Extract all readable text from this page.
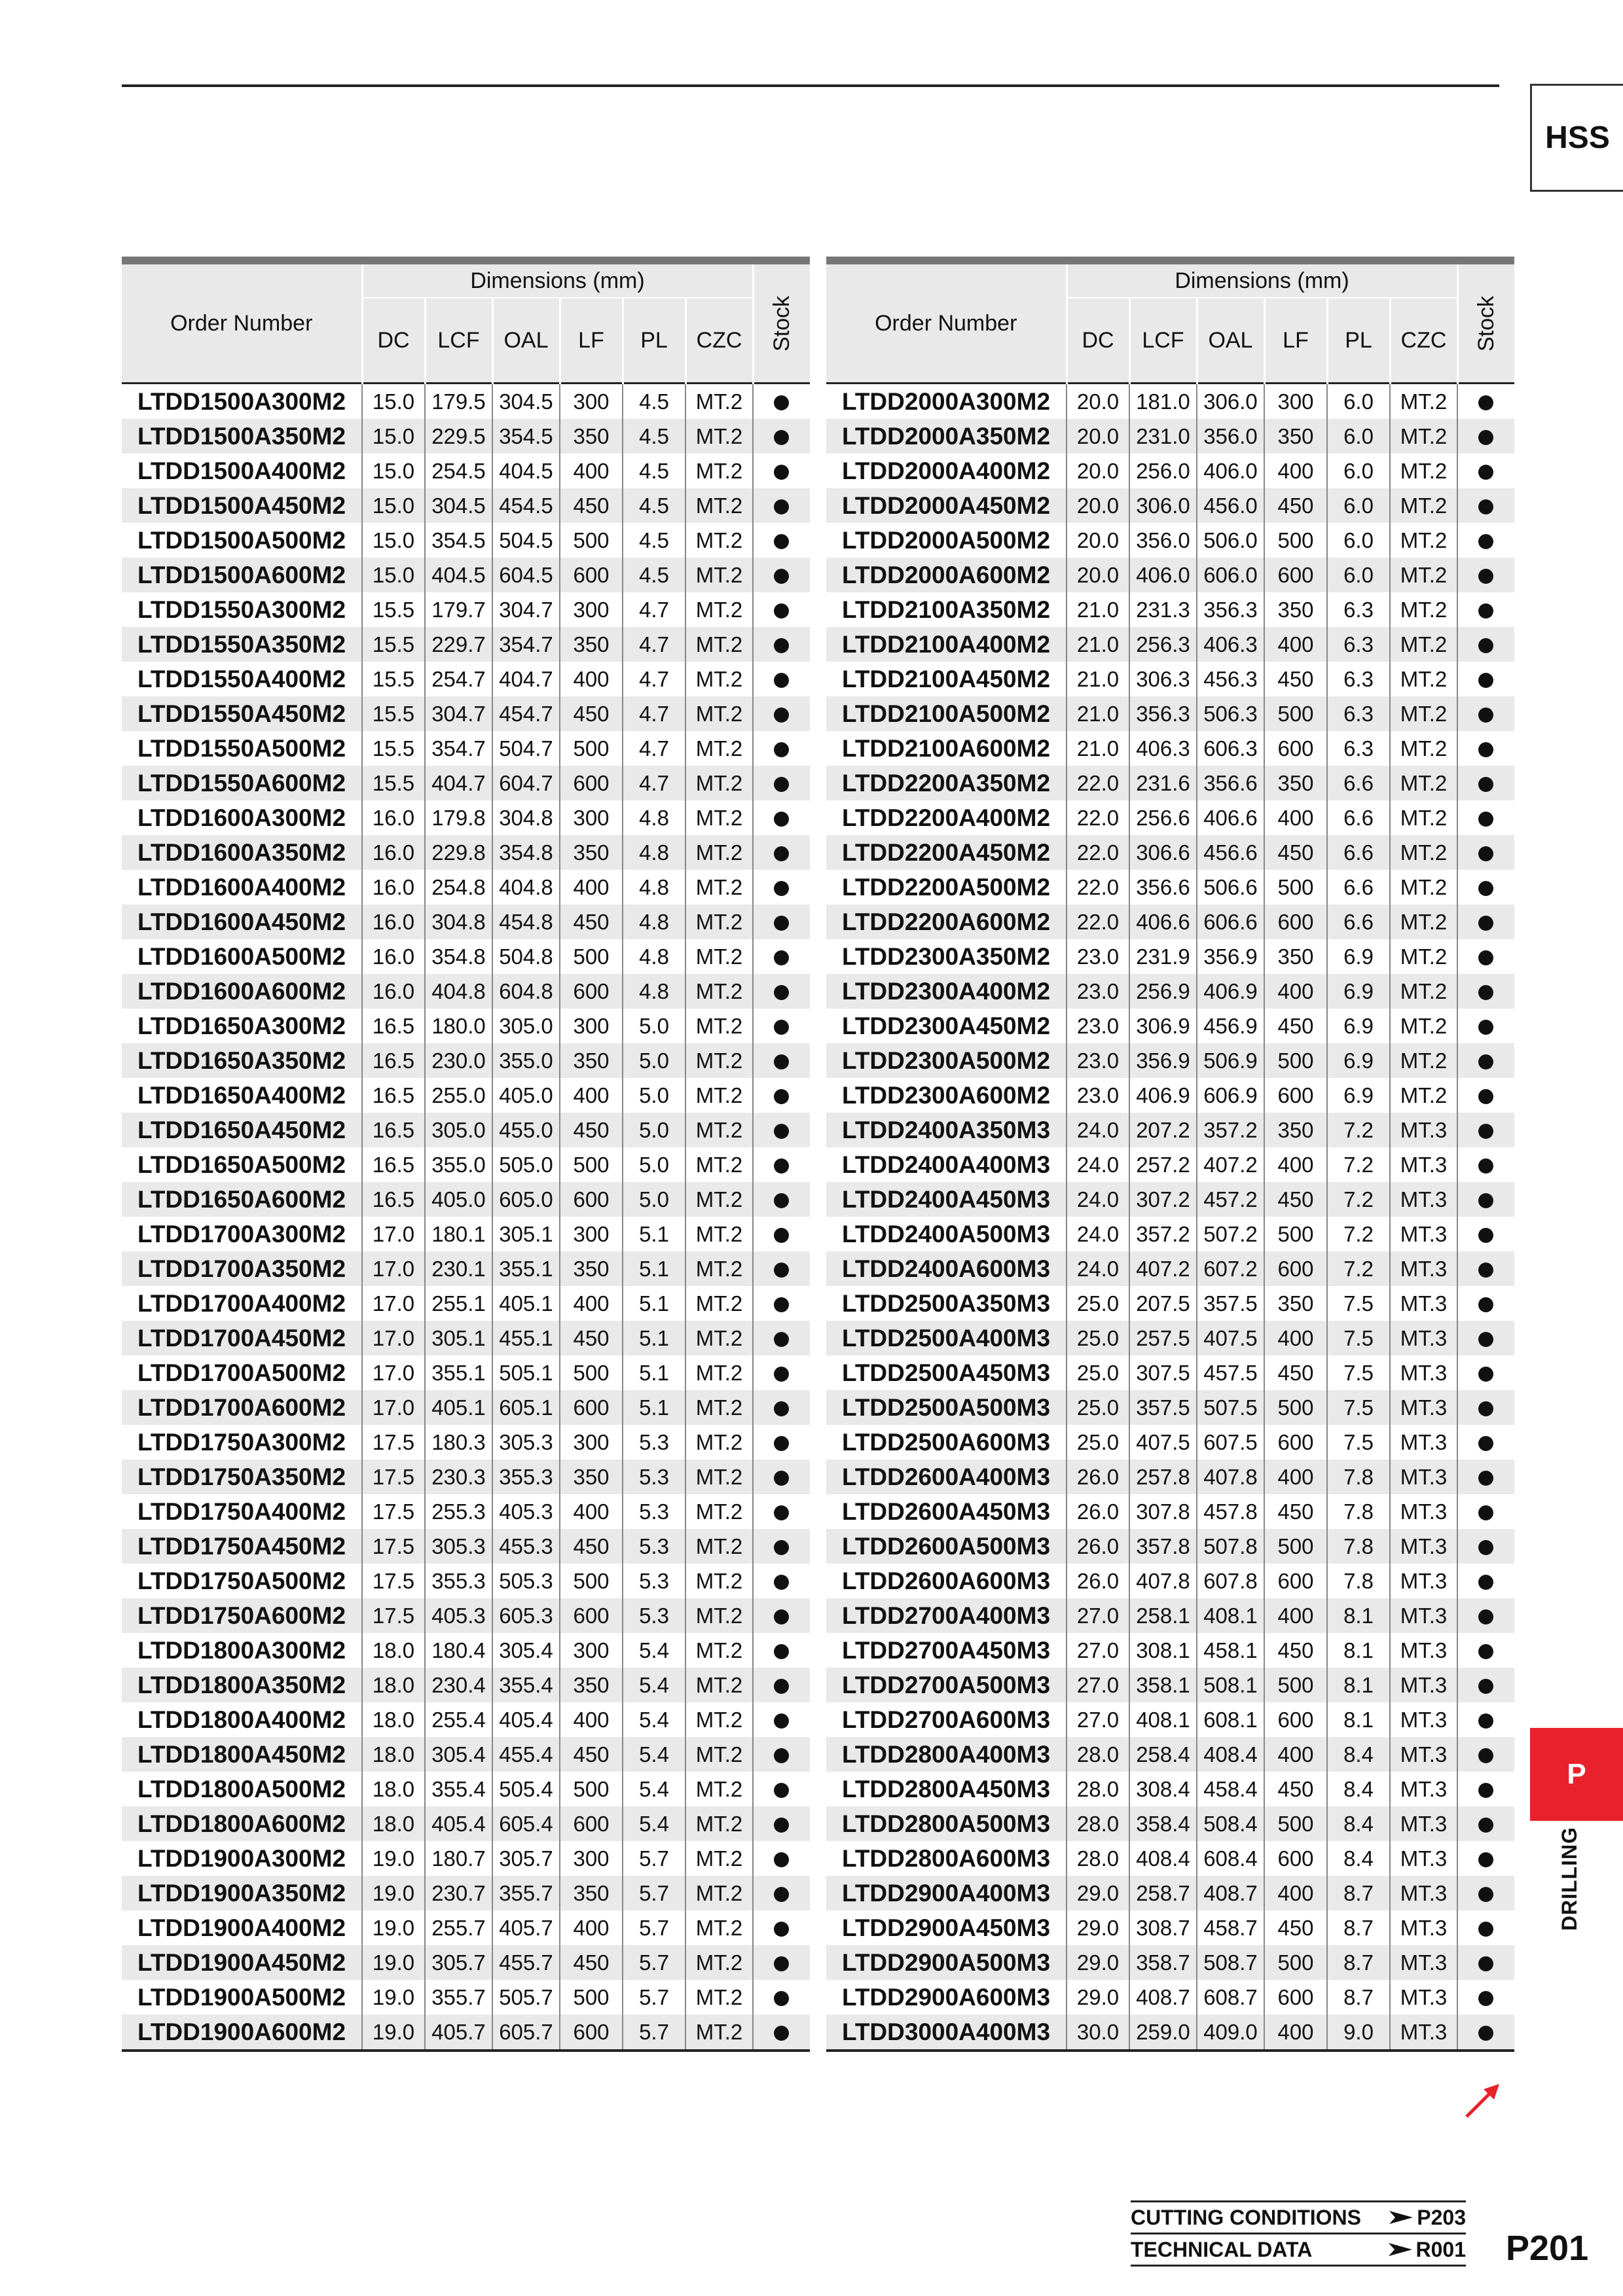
HSS
Order Number	Dimensions (mm)						Stock
	DC	LCF	OAL	LF	PL	CZC	
LTDD1500A300M2	15.0	179.5	304.5	300	4.5	MT.2	
LTDD1500A350M2	15.0	229.5	354.5	350	4.5	MT.2	
LTDD1500A400M2	15.0	254.5	404.5	400	4.5	MT.2	
LTDD1500A450M2	15.0	304.5	454.5	450	4.5	MT.2	
LTDD1500A500M2	15.0	354.5	504.5	500	4.5	MT.2	
LTDD1500A600M2	15.0	404.5	604.5	600	4.5	MT.2	
LTDD1550A300M2	15.5	179.7	304.7	300	4.7	MT.2	
LTDD1550A350M2	15.5	229.7	354.7	350	4.7	MT.2	
LTDD1550A400M2	15.5	254.7	404.7	400	4.7	MT.2	
LTDD1550A450M2	15.5	304.7	454.7	450	4.7	MT.2	
LTDD1550A500M2	15.5	354.7	504.7	500	4.7	MT.2	
LTDD1550A600M2	15.5	404.7	604.7	600	4.7	MT.2	
LTDD1600A300M2	16.0	179.8	304.8	300	4.8	MT.2	
LTDD1600A350M2	16.0	229.8	354.8	350	4.8	MT.2	
LTDD1600A400M2	16.0	254.8	404.8	400	4.8	MT.2	
LTDD1600A450M2	16.0	304.8	454.8	450	4.8	MT.2	
LTDD1600A500M2	16.0	354.8	504.8	500	4.8	MT.2	
LTDD1600A600M2	16.0	404.8	604.8	600	4.8	MT.2	
LTDD1650A300M2	16.5	180.0	305.0	300	5.0	MT.2	
LTDD1650A350M2	16.5	230.0	355.0	350	5.0	MT.2	
LTDD1650A400M2	16.5	255.0	405.0	400	5.0	MT.2	
LTDD1650A450M2	16.5	305.0	455.0	450	5.0	MT.2	
LTDD1650A500M2	16.5	355.0	505.0	500	5.0	MT.2	
LTDD1650A600M2	16.5	405.0	605.0	600	5.0	MT.2	
LTDD1700A300M2	17.0	180.1	305.1	300	5.1	MT.2	
LTDD1700A350M2	17.0	230.1	355.1	350	5.1	MT.2	
LTDD1700A400M2	17.0	255.1	405.1	400	5.1	MT.2	
LTDD1700A450M2	17.0	305.1	455.1	450	5.1	MT.2	
LTDD1700A500M2	17.0	355.1	505.1	500	5.1	MT.2	
LTDD1700A600M2	17.0	405.1	605.1	600	5.1	MT.2	
LTDD1750A300M2	17.5	180.3	305.3	300	5.3	MT.2	
LTDD1750A350M2	17.5	230.3	355.3	350	5.3	MT.2	
LTDD1750A400M2	17.5	255.3	405.3	400	5.3	MT.2	
LTDD1750A450M2	17.5	305.3	455.3	450	5.3	MT.2	
LTDD1750A500M2	17.5	355.3	505.3	500	5.3	MT.2	
LTDD1750A600M2	17.5	405.3	605.3	600	5.3	MT.2	
LTDD1800A300M2	18.0	180.4	305.4	300	5.4	MT.2	
LTDD1800A350M2	18.0	230.4	355.4	350	5.4	MT.2	
LTDD1800A400M2	18.0	255.4	405.4	400	5.4	MT.2	
LTDD1800A450M2	18.0	305.4	455.4	450	5.4	MT.2	
LTDD1800A500M2	18.0	355.4	505.4	500	5.4	MT.2	
LTDD1800A600M2	18.0	405.4	605.4	600	5.4	MT.2	
LTDD1900A300M2	19.0	180.7	305.7	300	5.7	MT.2	
LTDD1900A350M2	19.0	230.7	355.7	350	5.7	MT.2	
LTDD1900A400M2	19.0	255.7	405.7	400	5.7	MT.2	
LTDD1900A450M2	19.0	305.7	455.7	450	5.7	MT.2	
LTDD1900A500M2	19.0	355.7	505.7	500	5.7	MT.2	
LTDD1900A600M2	19.0	405.7	605.7	600	5.7	MT.2	
Order Number	Dimensions (mm)						Stock
	DC	LCF	OAL	LF	PL	CZC	
LTDD2000A300M2	20.0	181.0	306.0	300	6.0	MT.2	
LTDD2000A350M2	20.0	231.0	356.0	350	6.0	MT.2	
LTDD2000A400M2	20.0	256.0	406.0	400	6.0	MT.2	
LTDD2000A450M2	20.0	306.0	456.0	450	6.0	MT.2	
LTDD2000A500M2	20.0	356.0	506.0	500	6.0	MT.2	
LTDD2000A600M2	20.0	406.0	606.0	600	6.0	MT.2	
LTDD2100A350M2	21.0	231.3	356.3	350	6.3	MT.2	
LTDD2100A400M2	21.0	256.3	406.3	400	6.3	MT.2	
LTDD2100A450M2	21.0	306.3	456.3	450	6.3	MT.2	
LTDD2100A500M2	21.0	356.3	506.3	500	6.3	MT.2	
LTDD2100A600M2	21.0	406.3	606.3	600	6.3	MT.2	
LTDD2200A350M2	22.0	231.6	356.6	350	6.6	MT.2	
LTDD2200A400M2	22.0	256.6	406.6	400	6.6	MT.2	
LTDD2200A450M2	22.0	306.6	456.6	450	6.6	MT.2	
LTDD2200A500M2	22.0	356.6	506.6	500	6.6	MT.2	
LTDD2200A600M2	22.0	406.6	606.6	600	6.6	MT.2	
LTDD2300A350M2	23.0	231.9	356.9	350	6.9	MT.2	
LTDD2300A400M2	23.0	256.9	406.9	400	6.9	MT.2	
LTDD2300A450M2	23.0	306.9	456.9	450	6.9	MT.2	
LTDD2300A500M2	23.0	356.9	506.9	500	6.9	MT.2	
LTDD2300A600M2	23.0	406.9	606.9	600	6.9	MT.2	
LTDD2400A350M3	24.0	207.2	357.2	350	7.2	MT.3	
LTDD2400A400M3	24.0	257.2	407.2	400	7.2	MT.3	
LTDD2400A450M3	24.0	307.2	457.2	450	7.2	MT.3	
LTDD2400A500M3	24.0	357.2	507.2	500	7.2	MT.3	
LTDD2400A600M3	24.0	407.2	607.2	600	7.2	MT.3	
LTDD2500A350M3	25.0	207.5	357.5	350	7.5	MT.3	
LTDD2500A400M3	25.0	257.5	407.5	400	7.5	MT.3	
LTDD2500A450M3	25.0	307.5	457.5	450	7.5	MT.3	
LTDD2500A500M3	25.0	357.5	507.5	500	7.5	MT.3	
LTDD2500A600M3	25.0	407.5	607.5	600	7.5	MT.3	
LTDD2600A400M3	26.0	257.8	407.8	400	7.8	MT.3	
LTDD2600A450M3	26.0	307.8	457.8	450	7.8	MT.3	
LTDD2600A500M3	26.0	357.8	507.8	500	7.8	MT.3	
LTDD2600A600M3	26.0	407.8	607.8	600	7.8	MT.3	
LTDD2700A400M3	27.0	258.1	408.1	400	8.1	MT.3	
LTDD2700A450M3	27.0	308.1	458.1	450	8.1	MT.3	
LTDD2700A500M3	27.0	358.1	508.1	500	8.1	MT.3	
LTDD2700A600M3	27.0	408.1	608.1	600	8.1	MT.3	
LTDD2800A400M3	28.0	258.4	408.4	400	8.4	MT.3	
LTDD2800A450M3	28.0	308.4	458.4	450	8.4	MT.3	
LTDD2800A500M3	28.0	358.4	508.4	500	8.4	MT.3	
LTDD2800A600M3	28.0	408.4	608.4	600	8.4	MT.3	
LTDD2900A400M3	29.0	258.7	408.7	400	8.7	MT.3	
LTDD2900A450M3	29.0	308.7	458.7	450	8.7	MT.3	
LTDD2900A500M3	29.0	358.7	508.7	500	8.7	MT.3	
LTDD2900A600M3	29.0	408.7	608.7	600	8.7	MT.3	
LTDD3000A400M3	30.0	259.0	409.0	400	9.0	MT.3	
P
DRILLING
CUTTING CONDITIONS	P203
TECHNICAL DATA	R001 P201
